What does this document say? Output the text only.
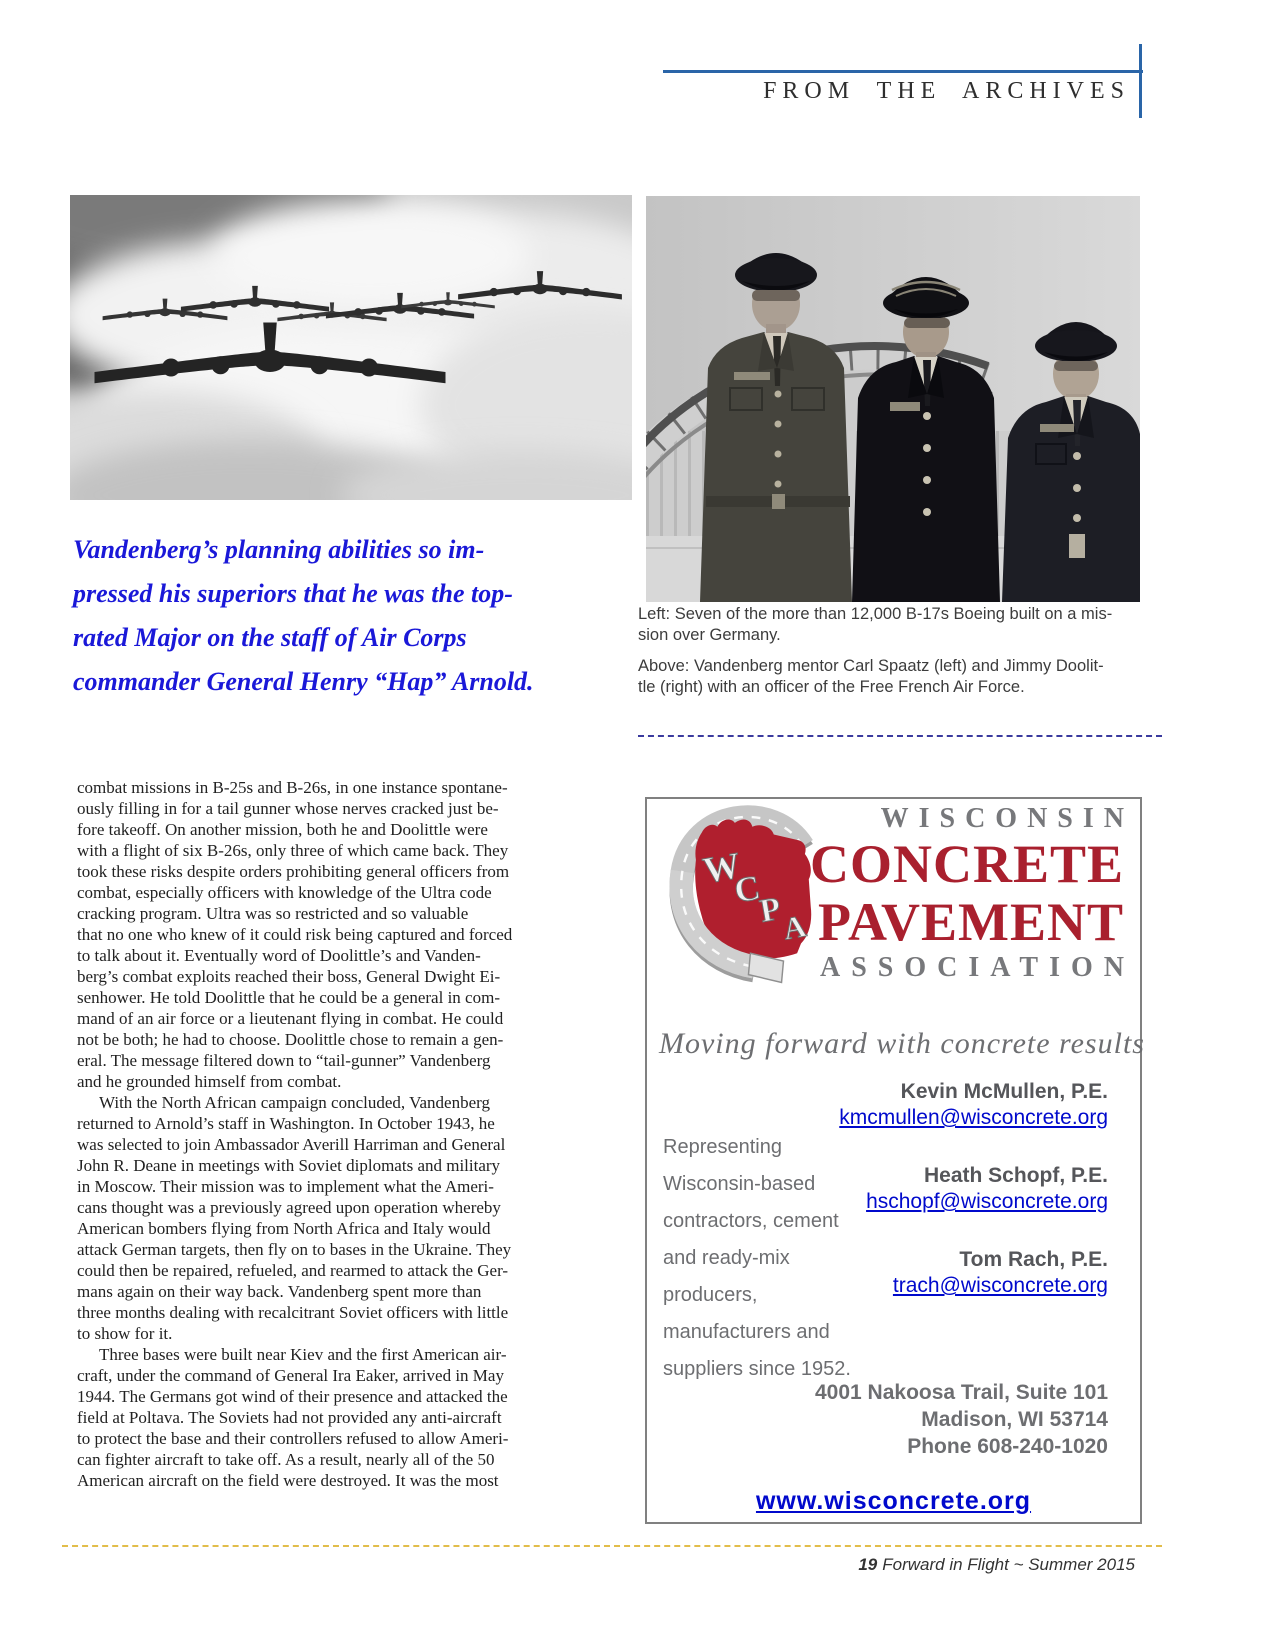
FROM THE ARCHIVES
Vandenberg’s planning abilities so im-
pressed his superiors that he was the top-
rated Major on the staff of Air Corps
commander General Henry “Hap” Arnold.
Left: Seven of the more than 12,000 B-17s Boeing built on a mis-
sion over Germany.
Above: Vandenberg mentor Carl Spaatz (left) and Jimmy Doolit-
tle (right) with an officer of the Free French Air Force.
combat missions in B-25s and B-26s, in one instance spontane-
ously filling in for a tail gunner whose nerves cracked just be-
fore takeoff. On another mission, both he and Doolittle were
with a flight of six B-26s, only three of which came back. They
took these risks despite orders prohibiting general officers from
combat, especially officers with knowledge of the Ultra code
cracking program. Ultra was so restricted and so valuable
that no one who knew of it could risk being captured and forced
to talk about it. Eventually word of Doolittle’s and Vanden-
berg’s combat exploits reached their boss, General Dwight Ei-
senhower. He told Doolittle that he could be a general in com-
mand of an air force or a lieutenant flying in combat. He could
not be both; he had to choose. Doolittle chose to remain a gen-
eral. The message filtered down to “tail-gunner” Vandenberg
and he grounded himself from combat.
With the North African campaign concluded, Vandenberg
returned to Arnold’s staff in Washington. In October 1943, he
was selected to join Ambassador Averill Harriman and General
John R. Deane in meetings with Soviet diplomats and military
in Moscow. Their mission was to implement what the Ameri-
cans thought was a previously agreed upon operation whereby
American bombers flying from North Africa and Italy would
attack German targets, then fly on to bases in the Ukraine. They
could then be repaired, refueled, and rearmed to attack the Ger-
mans again on their way back. Vandenberg spent more than
three months dealing with recalcitrant Soviet officers with little
to show for it.
Three bases were built near Kiev and the first American air-
craft, under the command of General Ira Eaker, arrived in May
1944. The Germans got wind of their presence and attacked the
field at Poltava. The Soviets had not provided any anti-aircraft
to protect the base and their controllers refused to allow Ameri-
can fighter aircraft to take off. As a result, nearly all of the 50
American aircraft on the field were destroyed. It was the most
W
C
P
A
WISCONSIN
CONCRETE
PAVEMENT
ASSOCIATION
Moving forward with concrete results
Representing
Wisconsin-based
contractors, cement
and ready-mix
producers,
manufacturers and
suppliers since 1952.
Kevin McMullen, P.E.
kmcmullen@wisconcrete.org
Heath Schopf, P.E.
hschopf@wisconcrete.org
Tom Rach, P.E.
trach@wisconcrete.org
4001 Nakoosa Trail, Suite 101
Madison, WI 53714
Phone 608-240-1020
www.wisconcrete.org
19 Forward in Flight ~ Summer 2015
